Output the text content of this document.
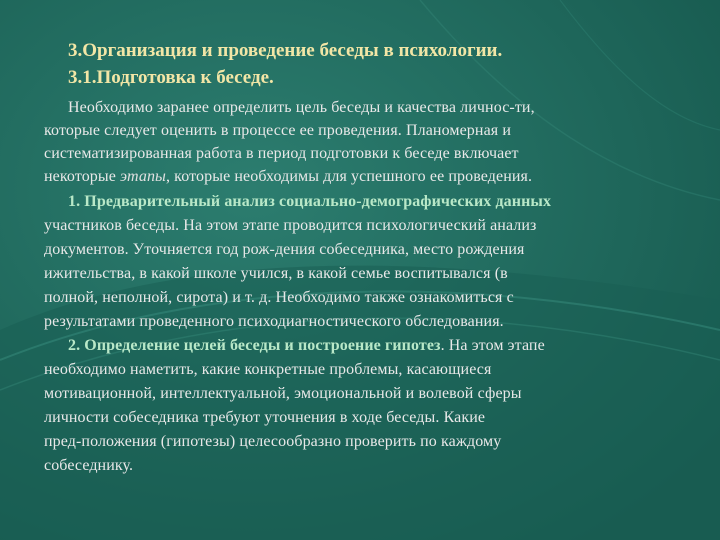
3.Организация и проведение беседы в психологии.
3.1.Подготовка к беседе.
Необходимо заранее определить цель беседы и качества личнос-ти,
которые следует оценить в процессе ее проведения. Планомерная и
систематизированная работа в период подготовки к беседе включает
некоторые этапы, которые необходимы для успешного ее проведения.
1. Предварительный анализ социально-демографических данных
участников беседы. На этом этапе проводится психологический анализ
документов. Уточняется год рож-дения собеседника, место рождения
ижительства, в какой школе учился, в какой семье воспитывался (в
полной, неполной, сирота) и т. д. Необходимо также ознакомиться с
результатами проведенного психодиагностического обследования.
2. Определение целей беседы и построение гипотез. На этом этапе
необходимо наметить, какие конкретные проблемы, касающиеся
мотивационной, интеллектуальной, эмоциональной и волевой сферы
личности собеседника требуют уточнения в ходе беседы. Какие
пред-положения (гипотезы) целесообразно проверить по каждому
собеседнику.
